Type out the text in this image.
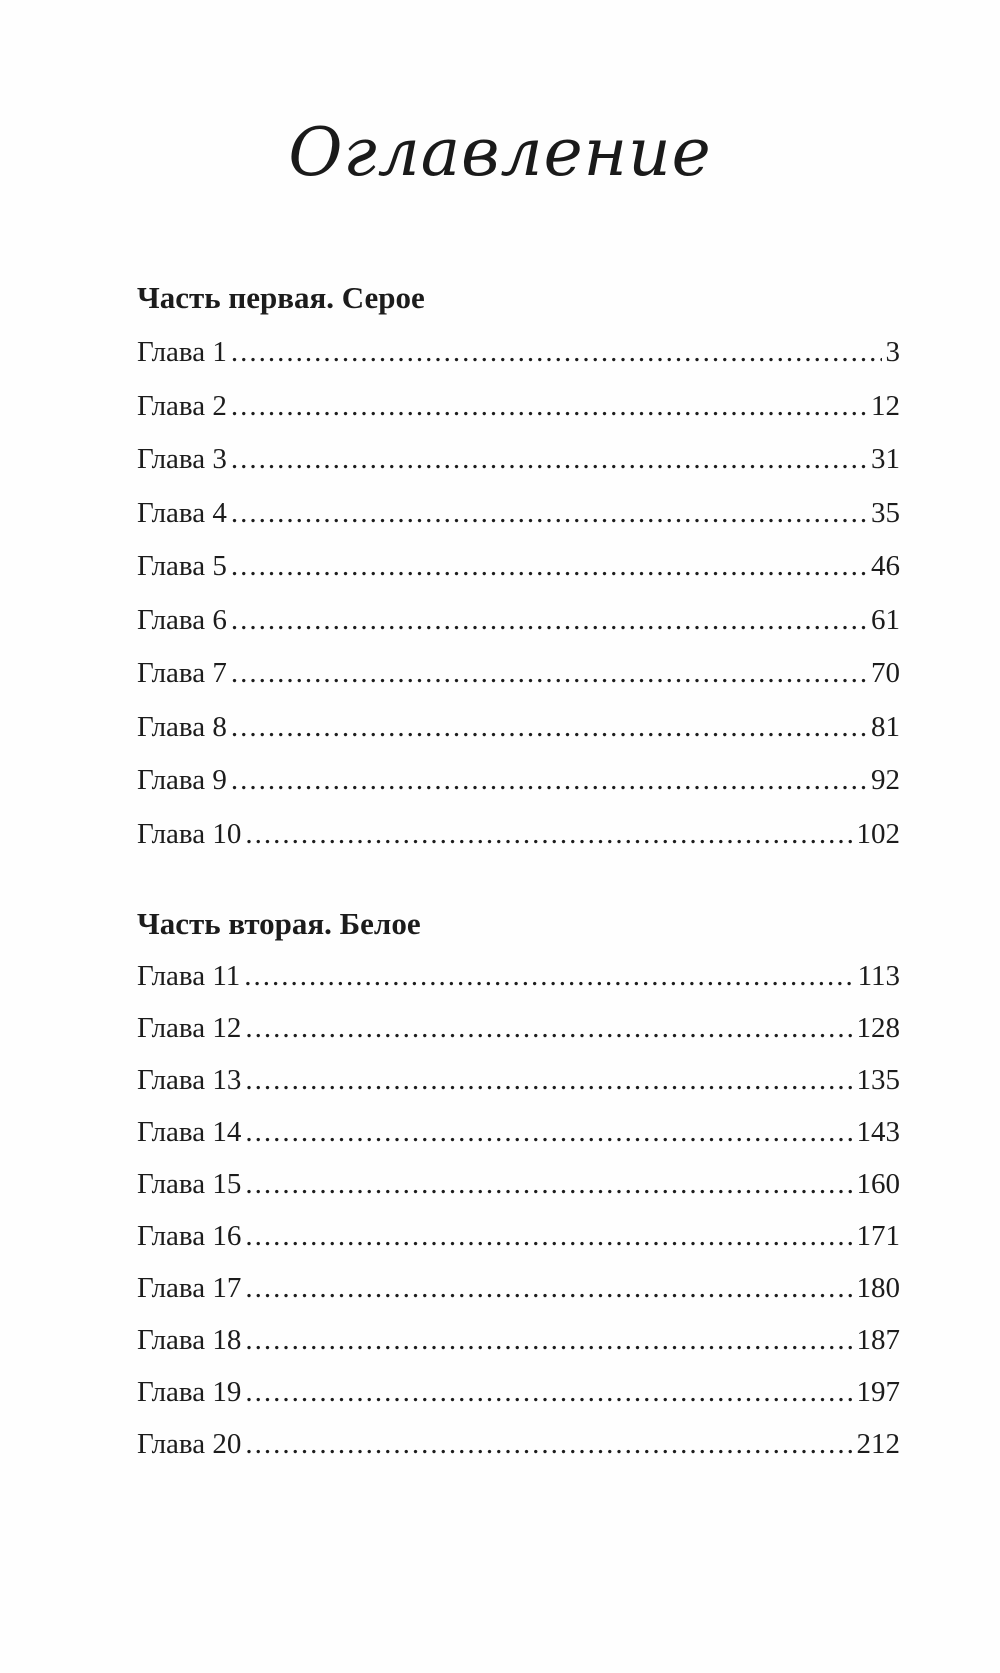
Оглавление
Часть первая. Серое
Глава 1 .....	3
Глава 2 .....	12
Глава 3 .....	31
Глава 4 .....	35
Глава 5 .....	46
Глава 6 .....	61
Глава 7 .....	70
Глава 8 .....	81
Глава 9 .....	92
Глава 10 .....	102
Часть вторая. Белое
Глава 11 .....	113
Глава 12 .....	128
Глава 13 .....	135
Глава 14 .....	143
Глава 15 .....	160
Глава 16 .....	171
Глава 17 .....	180
Глава 18 .....	187
Глава 19 .....	197
Глава 20 .....	212
